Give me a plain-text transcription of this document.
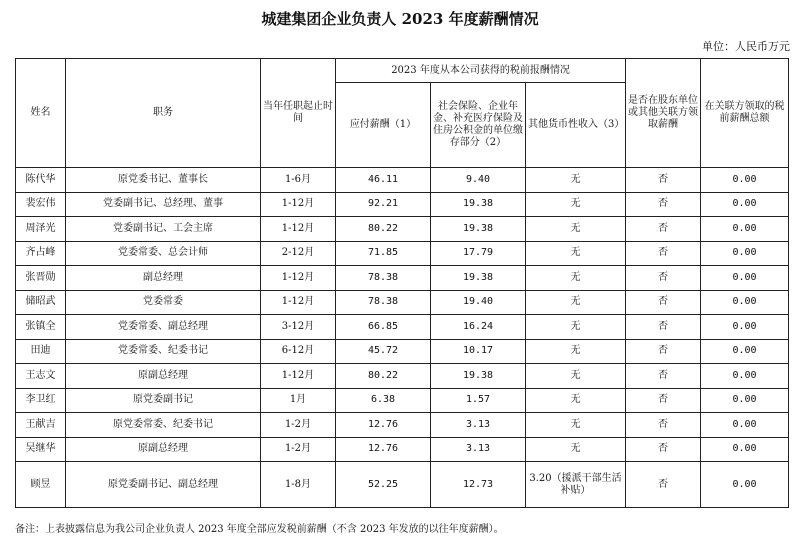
城建集团企业负责人 2023 年度薪酬情况
单位：人民币万元
姓名	职务	当年任职起止时间	2023 年度从本公司获得的税前报酬情况			是否在股东单位或其他关联方领取薪酬	在关联方领取的税前薪酬总额
			应付薪酬（1）	社会保险、企业年金、补充医疗保险及住房公积金的单位缴存部分（2）	其他货币性收入（3）		
陈代华	原党委书记、董事长	1-6月	46.11	9.40	无	否	0.00
裴宏伟	党委副书记、总经理、董事	1-12月	92.21	19.38	无	否	0.00
周泽光	党委副书记、工会主席	1-12月	80.22	19.38	无	否	0.00
齐占峰	党委常委、总会计师	2-12月	71.85	17.79	无	否	0.00
张晋勋	副总经理	1-12月	78.38	19.38	无	否	0.00
储昭武	党委常委	1-12月	78.38	19.40	无	否	0.00
张镇全	党委常委、副总经理	3-12月	66.85	16.24	无	否	0.00
田迪	党委常委、纪委书记	6-12月	45.72	10.17	无	否	0.00
王志文	原副总经理	1-12月	80.22	19.38	无	否	0.00
李卫红	原党委副书记	1月	6.38	1.57	无	否	0.00
王献吉	原党委常委、纪委书记	1-2月	12.76	3.13	无	否	0.00
吴继华	原副总经理	1-2月	12.76	3.13	无	否	0.00
顾昱	原党委副书记、副总经理	1-8月	52.25	12.73	3.20（援派干部生活补贴）	否	0.00
备注：上表披露信息为我公司企业负责人 2023 年度全部应发税前薪酬（不含 2023 年发放的以往年度薪酬）。
